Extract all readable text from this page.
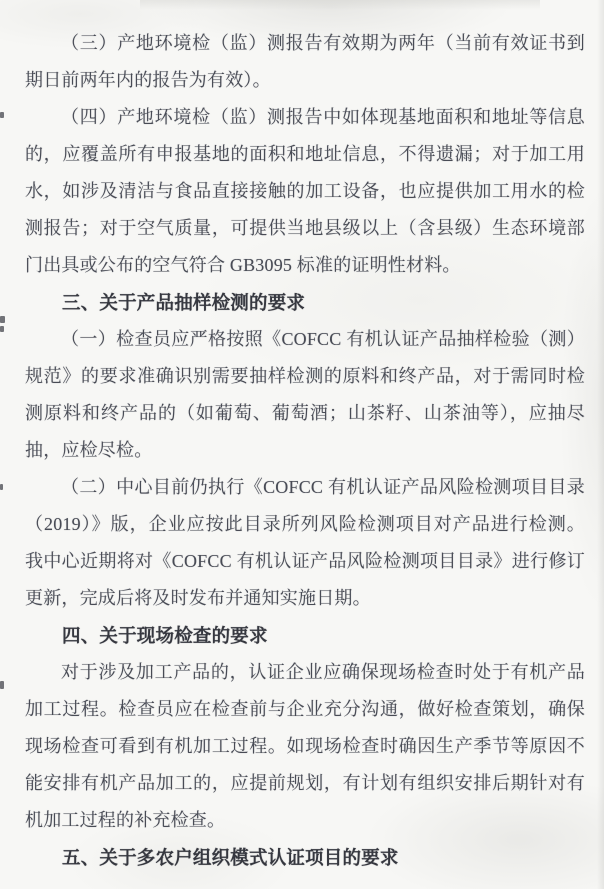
（三）产地环境检（监）测报告有效期为两年（当前有效证书到
期日前两年内的报告为有效）。
（四）产地环境检（监）测报告中如体现基地面积和地址等信息
的，应覆盖所有申报基地的面积和地址信息，不得遗漏；对于加工用
水，如涉及清洁与食品直接接触的加工设备，也应提供加工用水的检
测报告；对于空气质量，可提供当地县级以上（含县级）生态环境部
门出具或公布的空气符合 GB3095 标准的证明性材料。
三、关于产品抽样检测的要求
（一）检查员应严格按照《COFCC 有机认证产品抽样检验（测）
规范》的要求准确识别需要抽样检测的原料和终产品，对于需同时检
测原料和终产品的（如葡萄、葡萄酒；山茶籽、山茶油等），应抽尽
抽，应检尽检。
（二）中心目前仍执行《COFCC 有机认证产品风险检测项目目录
（2019）》版，企业应按此目录所列风险检测项目对产品进行检测。
我中心近期将对《COFCC 有机认证产品风险检测项目目录》进行修订
更新，完成后将及时发布并通知实施日期。
四、关于现场检查的要求
对于涉及加工产品的，认证企业应确保现场检查时处于有机产品
加工过程。检查员应在检查前与企业充分沟通，做好检查策划，确保
现场检查可看到有机加工过程。如现场检查时确因生产季节等原因不
能安排有机产品加工的，应提前规划，有计划有组织安排后期针对有
机加工过程的补充检查。
五、关于多农户组织模式认证项目的要求
